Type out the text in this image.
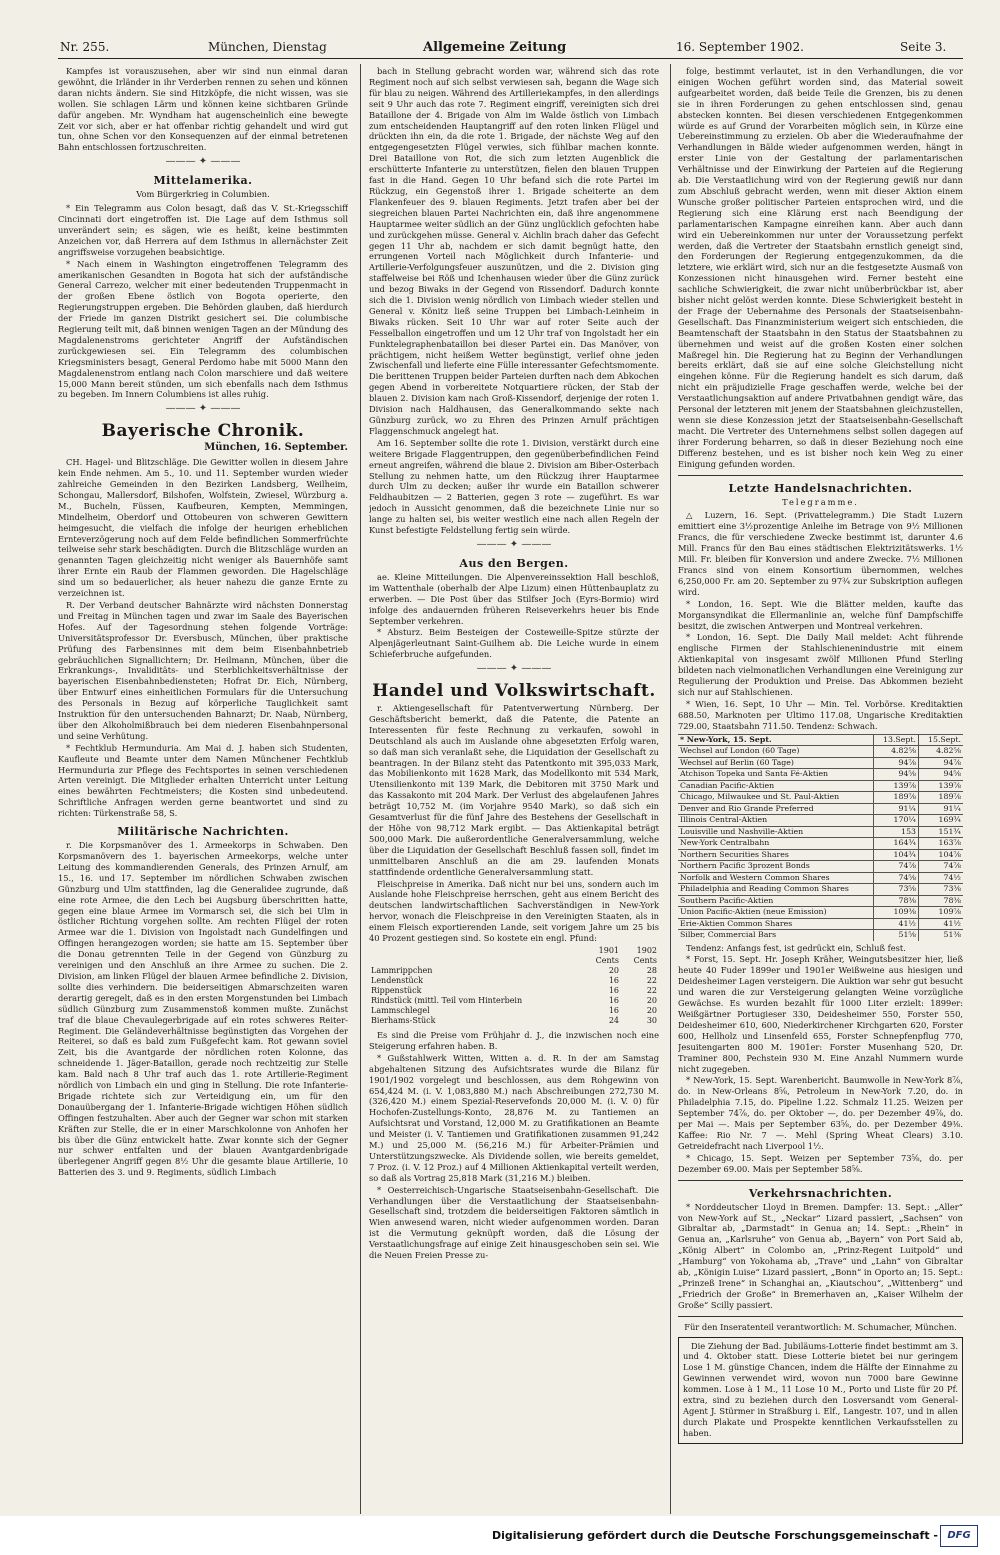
Nr. 255.	München, Dienstag	Allgemeine Zeitung	16. September 1902.	Seite 3.

Kampfes ist vorauszusehen, aber wir sind nun einmal daran gewöhnt, die Irländer in ihr Verderben rennen zu sehen und können daran nichts ändern. Sie sind Hitzköpfe, die nicht wissen, was sie wollen. Sie schlagen Lärm und können keine sichtbaren Gründe dafür angeben. Mr. Wyndham hat augenscheinlich eine bewegte Zeit vor sich, aber er hat offenbar richtig gehandelt und wird gut tun, ohne Schen vor den Konsequenzen auf der einmal betretenen Bahn entschlossen fortzuschreiten.

——— ✦ ———
Mittelamerika.
Vom Bürgerkrieg in Columbien.

* Ein Telegramm aus Colon besagt, daß das V. St.-Kriegsschiff Cincinnati dort eingetroffen ist. Die Lage auf dem Isthmus soll unverändert sein; es sägen, wie es heißt, keine bestimmten Anzeichen vor, daß Herrera auf dem Isthmus in allernächster Zeit angriffsweise vorzugehen beabsichtige.

* Nach einem in Washington eingetroffenen Telegramm des amerikanischen Gesandten in Bogota hat sich der aufständische General Carrezo, welcher mit einer bedeutenden Truppenmacht in der großen Ebene östlich von Bogota operierte, den Regierungstruppen ergeben. Die Behörden glauben, daß hierdurch der Friede im ganzen Distrikt gesichert sei. Die columbische Regierung teilt mit, daß binnen wenigen Tagen an der Mündung des Magdalenenstroms gerichteter Angriff der Aufständischen zurückgewiesen sei. Ein Telegramm des columbischen Kriegsministers besagt, General Perdomo habe mit 5000 Mann den Magdalenenstrom entlang nach Colon marschiere und daß weitere 15,000 Mann bereit stünden, um sich ebenfalls nach dem Isthmus zu begeben. Im Innern Columbiens ist alles ruhig.

——— ✦ ———
Bayerische Chronik.
München, 16. September.

CH. Hagel- und Blitzschläge. Die Gewitter wollen in diesem Jahre kein Ende nehmen. Am 5., 10. und 11. September wurden wieder zahlreiche Gemeinden in den Bezirken Landsberg, Weilheim, Schongau, Mallersdorf, Bilshofen, Wolfstein, Zwiesel, Würzburg a. M., Bucheln, Füssen, Kaufbeuren, Kempten, Memmingen, Mindelheim, Oberdorf und Ottobeuren von schweren Gewittern heimgesucht, die vielfach die infolge der heurigen erheblichen Ernteverzögerung noch auf dem Felde befindlichen Sommerfrüchte teilweise sehr stark beschädigten. Durch die Blitzschläge wurden an genannten Tagen gleichzeitig nicht weniger als Bauernhöfe samt ihrer Ernte ein Raub der Flammen geworden. Die Hagelschläge sind um so bedauerlicher, als heuer nahezu die ganze Ernte zu verzeichnen ist.

R. Der Verband deutscher Bahnärzte wird nächsten Donnerstag und Freitag in München tagen und zwar im Saale des Bayerischen Hofes. Auf der Tagesordnung stehen folgende Vorträge: Universitätsprofessor Dr. Eversbusch, München, über praktische Prüfung des Farbensinnes mit dem beim Eisenbahnbetrieb gebräuchlichen Signallichtern; Dr. Heilmann, München, über die Erkrankungs-, Invaliditäts- und Sterblichkeitsverhältnisse der bayerischen Eisenbahnbediensteten; Hofrat Dr. Eich, Nürnberg, über Entwurf eines einheitlichen Formulars für die Untersuchung des Personals in Bezug auf körperliche Tauglichkeit samt Instruktion für den untersuchenden Bahnarzt; Dr. Naab, Nürnberg, über den Alkoholmißbrauch bei dem niederen Eisenbahnpersonal und seine Verhütung.

* Fechtklub Hermunduria. Am Mai d. J. haben sich Studenten, Kaufleute und Beamte unter dem Namen Münchener Fechtklub Hermunduria zur Pflege des Fechtsportes in seinen verschiedenen Arten vereinigt. Die Mitglieder erhalten Unterricht unter Leitung eines bewährten Fechtmeisters; die Kosten sind unbedeutend. Schriftliche Anfragen werden gerne beantwortet und sind zu richten: Türkenstraße 58, S.

Militärische Nachrichten.

r. Die Korpsmanöver des 1. Armeekorps in Schwaben. Den Korpsmanövern des 1. bayerischen Armeekorps, welche unter Leitung des kommandierenden Generals, des Prinzen Arnulf, am 15., 16. und 17. September im nördlichen Schwaben zwischen Günzburg und Ulm stattfinden, lag die Generalidee zugrunde, daß eine rote Armee, die den Lech bei Augsburg überschritten hatte, gegen eine blaue Armee im Vormarsch sei, die sich bei Ulm in östlicher Richtung vorgehen sollte. Am rechten Flügel der roten Armee war die 1. Division von Ingolstadt nach Gundelfingen und Offingen herangezogen worden; sie hatte am 15. September über die Donau getrennten Teile in der Gegend von Günzburg zu vereinigen und den Anschluß an ihre Armee zu suchen. Die 2. Division, am linken Flügel der blauen Armee befindliche 2. Division, sollte dies verhindern. Die beiderseitigen Abmarschzeiten waren derartig geregelt, daß es in den ersten Morgenstunden bei Limbach südlich Günzburg zum Zusammenstoß kommen mußte. Zunächst traf die blaue Chevaulegerbrigade auf ein rotes schweres Reiter-Regiment. Die Geländeverhältnisse begünstigten das Vorgehen der Reiterei, so daß es bald zum Fußgefecht kam. Rot gewann soviel Zeit, bis die Avantgarde der nördlichen roten Kolonne, das schneidende 1. Jäger-Bataillon, gerade noch rechtzeitig zur Stelle kam. Bald nach 8 Uhr traf auch das 1. rote Artillerie-Regiment nördlich von Limbach ein und ging in Stellung. Die rote Infanterie-Brigade richtete sich zur Verteidigung ein, um für den Donauübergang der 1. Infanterie-Brigade wichtigen Höhen südlich Offingen festzuhalten. Aber auch der Gegner war schon mit starken Kräften zur Stelle, die er in einer Marschkolonne von Anhofen her bis über die Günz entwickelt hatte. Zwar konnte sich der Gegner nur schwer entfalten und der blauen Avantgardenbrigade überlegener Angriff gegen 8½ Uhr die gesamte blaue Artillerie, 10 Batterien des 3. und 9. Regiments, südlich Limbach

bach in Stellung gebracht worden war, während sich das rote Regiment noch auf sich selbst verwiesen sah, begann die Wage sich für blau zu neigen. Während des Artilleriekampfes, in den allerdings seit 9 Uhr auch das rote 7. Regiment eingriff, vereinigten sich drei Bataillone der 4. Brigade von Alm im Walde östlich von Limbach zum entscheidenden Hauptangriff auf den roten linken Flügel und drückten ihn ein, da die rote 1. Brigade, der nächste Weg auf den entgegengesetzten Flügel verwies, sich fühlbar machen konnte. Drei Bataillone von Rot, die sich zum letzten Augenblick die erschütterte Infanterie zu unterstützen, fielen den blauen Truppen fast in die Hand. Gegen 10 Uhr befand sich die rote Partei im Rückzug, ein Gegenstoß ihrer 1. Brigade scheiterte an dem Flankenfeuer des 9. blauen Regiments. Jetzt trafen aber bei der siegreichen blauen Partei Nachrichten ein, daß ihre angenommene Hauptarmee weiter südlich an der Günz unglücklich gefochten habe und zurückgehen müsse. General v. Aichlin brach daher das Gefecht gegen 11 Uhr ab, nachdem er sich damit begnügt hatte, den errungenen Vorteil nach Möglichkeit durch Infanterie- und Artillerie-Verfolgungsfeuer auszunützen, und die 2. Division ging staffelweise bei Röß und Ichenhausen wieder über die Günz zurück und bezog Biwaks in der Gegend von Rissendorf. Dadurch konnte sich die 1. Division wenig nördlich von Limbach wieder stellen und General v. Könitz ließ seine Truppen bei Limbach-Leinheim in Biwaks rücken. Seit 10 Uhr war auf roter Seite auch der Fesselballon eingetroffen und um 12 Uhr traf von Ingolstadt her ein Funktelegraphenbataillon bei dieser Partei ein. Das Manöver, von prächtigem, nicht heißem Wetter begünstigt, verlief ohne jeden Zwischenfall und lieferte eine Fülle interessanter Gefechtsmomente. Die berittenen Truppen beider Parteien durften nach dem Abkochen gegen Abend in vorbereitete Notquartiere rücken, der Stab der blauen 2. Division kam nach Groß-Kissendorf, derjenige der roten 1. Division nach Haldhausen, das Generalkommando sekte nach Günzburg zurück, wo zu Ehren des Prinzen Arnulf prächtigen Flaggenschmuck angelegt hat.

Am 16. September sollte die rote 1. Division, verstärkt durch eine weitere Brigade Flaggentruppen, den gegenüberbefindlichen Feind erneut angreifen, während die blaue 2. Division am Biber-Osterbach Stellung zu nehmen hatte, um den Rückzug ihrer Hauptarmee durch Ulm zu decken; außer ihr wurde ein Bataillon schwerer Feldhaubitzen — 2 Batterien, gegen 3 rote — zugeführt. Es war jedoch in Aussicht genommen, daß die bezeichnete Linie nur so lange zu halten sei, bis weiter westlich eine nach allen Regeln der Kunst befestigte Feldstellung fertig sein würde.

——— ✦ ———
Aus den Bergen.

ae. Kleine Mitteilungen. Die Alpenvereinssektion Hall beschloß, im Wattenthale (oberhalb der Alpe Lizum) einen Hüttenbauplatz zu erwerben. — Die Post über das Stilfser Joch (Eyrs-Bormio) wird infolge des andauernden früheren Reiseverkehrs heuer bis Ende September verkehren.

* Absturz. Beim Besteigen der Costeweille-Spitze stürzte der Alpenjägerleutnant Saint-Guilhem ab. Die Leiche wurde in einem Schieferbruche aufgefunden.

——— ✦ ———
Handel und Volkswirtschaft.

r. Aktiengesellschaft für Patentverwertung Nürnberg. Der Geschäftsbericht bemerkt, daß die Patente, die Patente an Interessenten für feste Rechnung zu verkaufen, sowohl in Deutschland als auch im Auslande ohne abgesetzten Erfolg waren, so daß man sich veranlaßt sehe, die Liquidation der Gesellschaft zu beantragen. In der Bilanz steht das Patentkonto mit 395,033 Mark, das Mobilienkonto mit 1628 Mark, das Modellkonto mit 534 Mark, Utensilienkonto mit 139 Mark, die Debitoren mit 3750 Mark und das Kassakonto mit 204 Mark. Der Verlust des abgelaufenen Jahres beträgt 10,752 M. (im Vorjahre 9540 Mark), so daß sich ein Gesamtverlust für die fünf Jahre des Bestehens der Gesellschaft in der Höhe von 98,712 Mark ergibt. — Das Aktienkapital beträgt 500,000 Mark. Die außerordentliche Generalversammlung, welche über die Liquidation der Gesellschaft Beschluß fassen soll, findet im unmittelbaren Anschluß an die am 29. laufenden Monats stattfindende ordentliche Generalversammlung statt.

Fleischpreise in Amerika. Daß nicht nur bei uns, sondern auch im Auslande hohe Fleischpreise herrschen, geht aus einem Bericht des deutschen landwirtschaftlichen Sachverständigen in New-York hervor, wonach die Fleischpreise in den Vereinigten Staaten, als in einem Fleisch exportierenden Lande, seit vorigem Jahre um 25 bis 40 Prozent gestiegen sind. So kostete ein engl. Pfund:

	1901	1902
	Cents	Cents
Lammrippchen	20	28
Lendenstück	16	22
Rippenstück	16	22
Rindstück (mittl. Teil vom Hinterbein	16	20
Lammschlegel	16	20
Bierhams-Stück	24	30

Es sind die Preise vom Frühjahr d. J., die inzwischen noch eine Steigerung erfahren haben. B.

* Gußstahlwerk Witten, Witten a. d. R. In der am Samstag abgehaltenen Sitzung des Aufsichtsrates wurde die Bilanz für 1901/1902 vorgelegt und beschlossen, aus dem Rohgewinn von 654,424 M. (i. V. 1,083,880 M.) nach Abschreibungen 272,730 M. (326,420 M.) einem Spezial-Reservefonds 20,000 M. (i. V. 0) für Hochofen-Zustellungs-Konto, 28,876 M. zu Tantiemen an Aufsichtsrat und Vorstand, 12,000 M. zu Gratifikationen an Beamte und Meister (i. V. Tantiemen und Gratifikationen zusammen 91,242 M.) und 25,000 M. (56,216 M.) für Arbeiter-Prämien und Unterstützungszwecke. Als Dividende sollen, wie bereits gemeldet, 7 Proz. (i. V. 12 Proz.) auf 4 Millionen Aktienkapital verteilt werden, so daß als Vortrag 25,818 Mark (31,216 M.) bleiben.

* Oesterreichisch-Ungarische Staatseisenbahn-Gesellschaft. Die Verhandlungen über die Verstaatlichung der Staatseisenbahn-Gesellschaft sind, trotzdem die beiderseitigen Faktoren sämtlich in Wien anwesend waren, nicht wieder aufgenommen worden. Daran ist die Vermutung geknüpft worden, daß die Lösung der Verstaatlichungsfrage auf einige Zeit hinausgeschoben sein sei. Wie die Neuen Freien Presse zu-

folge, bestimmt verlautet, ist in den Verhandlungen, die vor einigen Wochen geführt worden sind, das Material soweit aufgearbeitet worden, daß beide Teile die Grenzen, bis zu denen sie in ihren Forderungen zu gehen entschlossen sind, genau abstecken konnten. Bei diesen verschiedenen Entgegenkommen würde es auf Grund der Vorarbeiten möglich sein, in Kürze eine Uebereinstimmung zu erzielen. Ob aber die Wiederaufnahme der Verhandlungen in Bälde wieder aufgenommen werden, hängt in erster Linie von der Gestaltung der parlamentarischen Verhältnisse und der Einwirkung der Parteien auf die Regierung ab. Die Verstaatlichung wird von der Regierung gewiß nur dann zum Abschluß gebracht werden, wenn mit dieser Aktion einem Wunsche großer politischer Parteien entsprochen wird, und die Regierung sich eine Klärung erst nach Beendigung der parlamentarischen Kampagne einreihen kann. Aber auch dann wird ein Uebereinkommen nur unter der Voraussetzung perfekt werden, daß die Vertreter der Staatsbahn ernstlich geneigt sind, den Forderungen der Regierung entgegenzukommen, da die letztere, wie erklärt wird, sich nur an die festgesetzte Ausmaß von Konzessionen nicht hinausgehen wird. Ferner besteht eine sachliche Schwierigkeit, die zwar nicht unüberbrückbar ist, aber bisher nicht gelöst werden konnte. Diese Schwierigkeit besteht in der Frage der Uebernahme des Personals der Staatseisenbahn-Gesellschaft. Das Finanzministerium weigert sich entschieden, die Beamtenschaft der Staatsbahn in den Status der Staatsbahnen zu übernehmen und weist auf die großen Kosten einer solchen Maßregel hin. Die Regierung hat zu Beginn der Verhandlungen bereits erklärt, daß sie auf eine solche Gleichstellung nicht eingehen könne. Für die Regierung handelt es sich darum, daß nicht ein präjudizielle Frage geschaffen werde, welche bei der Verstaatlichungsaktion auf andere Privatbahnen gendigt wäre, das Personal der letzteren mit jenem der Staatsbahnen gleichzustellen, wenn sie diese Konzession jetzt der Staatseisenbahn-Gesellschaft macht. Die Vertreter des Unternehmens selbst sollen dagegen auf ihrer Forderung beharren, so daß in dieser Beziehung noch eine Differenz bestehen, und es ist bisher noch kein Weg zu einer Einigung gefunden worden.

Letzte Handelsnachrichten.
Telegramme.

△ Luzern, 16. Sept. (Privattelegramm.) Die Stadt Luzern emittiert eine 3½prozentige Anleihe im Betrage von 9½ Millionen Francs, die für verschiedene Zwecke bestimmt ist, darunter 4.6 Mill. Francs für den Bau eines städtischen Elektrizitätswerks. 1½ Mill. Fr. bleiben für Konversion und andere Zwecke. 7½ Millionen Francs sind von einem Konsortium übernommen, welches 6,250,000 Fr. am 20. September zu 97¾ zur Subskription auflegen wird.

* London, 16. Sept. Wie die Blätter melden, kaufte das Morgansyndikat die Ellermanlinie an, welche fünf Dampfschiffe besitzt, die zwischen Antwerpen und Montreal verkehren.

* London, 16. Sept. Die Daily Mail meldet: Acht führende englische Firmen der Stahlschienenindustrie mit einem Aktienkapital von insgesamt zwölf Millionen Pfund Sterling bildeten nach vielmonatlichen Verhandlungen eine Vereinigung zur Regulierung der Produktion und Preise. Das Abkommen bezieht sich nur auf Stahlschienen.

* Wien, 16. Sept, 10 Uhr — Min. Tel. Vorbörse. Kreditaktien 688.50, Marknoten per Ultimo 117.08, Ungarische Kreditaktien 729.00, Staatsbahn 711.50. Tendenz: Schwach.

* New-York, 15. Sept.	13.Sept.	15.Sept.
Wechsel auf London (60 Tage)	4.82⅝	4.82⅝
Wechsel auf Berlin (60 Tage)	94⅞	94⅞
Atchison Topeka und Santa Fé-Aktien	94⅝	94⅝
Canadian Pacific-Aktien	139⅞	139⅞
Chicago, Milwaukee und St. Paul-Aktien	189⅞	189⅞
Denver and Rio Grande Preferred	91¼	91¼
Illinois Central-Aktien	170¼	169¾
Louisville und Nashville-Aktien	153	151¾
New-York Centralbahn	164¾	163⅞
Northern Securities Shares	104¾	104⅞
Northern Pacific 3prozent Bonds	74⅞	74⅞
Norfolk and Western Common Shares	74⅝	74½
Philadelphia and Reading Common Shares	73⅝	73⅜
Southern Pacific-Aktien	78⅜	78⅜
Union Pacific-Aktien (neue Emission)	109⅜	109⅞
Erie-Aktien Common Shares	41½	41½
Silber, Commercial Bars	51⅝	51⅜

Tendenz: Anfangs fest, ist gedrückt ein, Schluß fest.

* Forst, 15. Sept. Hr. Joseph Kräher, Weingutsbesitzer hier, ließ heute 40 Fuder 1899er und 1901er Weißweine aus hiesigen und Deidesheimer Lagen versteigern. Die Auktion war sehr gut besucht und waren die zur Versteigerung gelangten Weine vorzügliche Gewächse. Es wurden bezahlt für 1000 Liter erzielt: 1899er: Weißgärtner Portugieser 330, Deidesheimer 550, Forster 550, Deidesheimer 610, 600, Niederkirchener Kirchgarten 620, Forster 600, Hellholz und Linsenfeld 655, Forster Schnepfenpflug 770, Jesuitengarten 800 M. 1901er: Forster Musenhang 520, Dr. Traminer 800, Pechstein 930 M. Eine Anzahl Nummern wurde nicht zugegeben.

* New-York, 15. Sept. Warenbericht. Baumwolle in New-York 8⅞, do. in New-Orleans 8⅝, Petroleum in New-York 7.20, do. in Philadelphia 7.15, do. Pipeline 1.22. Schmalz 11.25. Weizen per September 74⅞, do. per Oktober —, do. per Dezember 49⅞, do. per Mai —. Mais per September 63⅝, do. per Dezember 49⅜. Kaffee: Rio Nr. 7 —. Mehl (Spring Wheat Clears) 3.10. Getreidefracht nach Liverpool 1½.

* Chicago, 15. Sept. Weizen per September 73⅝, do. per Dezember 69.00. Mais per September 58⅝.

Verkehrsnachrichten.

* Norddeutscher Lloyd in Bremen. Dampfer: 13. Sept.: „Aller“ von New-York auf St., „Neckar“ Lizard passiert, „Sachsen“ von Gibraltar ab, „Darmstadt“ in Genua an; 14. Sept.: „Rhein“ in Genua an, „Karlsruhe“ von Genua ab, „Bayern“ von Port Said ab, „König Albert“ in Colombo an, „Prinz-Regent Luitpold“ und „Hamburg“ von Yokohama ab, „Trave“ und „Lahn“ von Gibraltar ab, „Königin Luise“ Lizard passiert, „Bonn“ in Oporto an; 15. Sept.: „Prinzeß Irene“ in Schanghai an, „Kiautschou“, „Wittenberg“ und „Friedrich der Große“ in Bremerhaven an, „Kaiser Wilhelm der Große“ Scilly passiert.

Für den Inseratenteil verantwortlich: M. Schumacher, München.

Die Ziehung der Bad. Jubiläums-Lotterie findet bestimmt am 3. und 4. Oktober statt. Diese Lotterie bietet bei nur geringem Lose 1 M. günstige Chancen, indem die Hälfte der Einnahme zu Gewinnen verwendet wird, wovon nun 7000 bare Gewinne kommen. Lose à 1 M., 11 Lose 10 M., Porto und Liste für 20 Pf. extra, sind zu beziehen durch den Losversandt vom General-Agent J. Stürmer in Straßburg i. Elf., Langestr. 107, und in allen durch Plakate und Prospekte kenntlichen Verkaufsstellen zu haben.

Digitalisierung gefördert durch die Deutsche Forschungsgemeinschaft - DFG
